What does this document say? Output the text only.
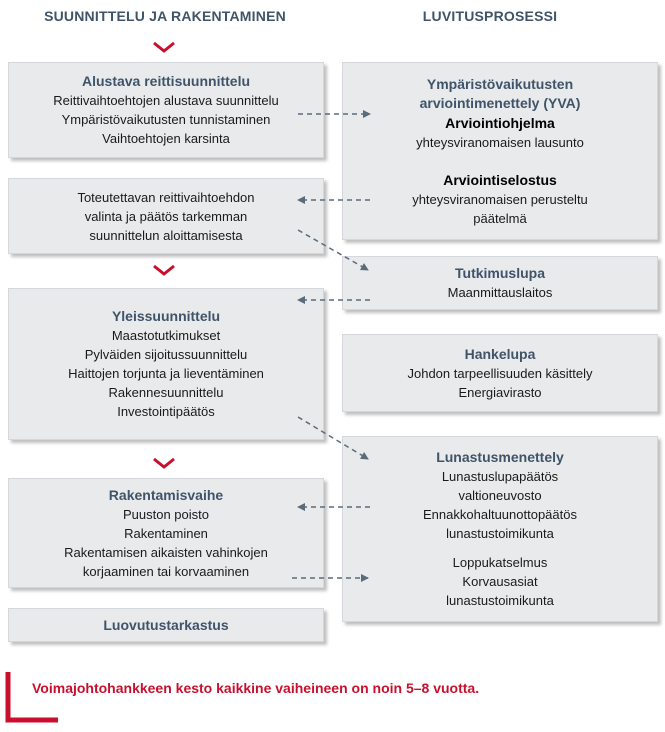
SUUNNITTELU JA RAKENTAMINEN	LUVITUSPROSESSI
Alustava reittisuunnittelu
Reittivaihtoehtojen alustava suunnittelu
Ympäristövaikutusten tunnistaminen
Vaihtoehtojen karsinta
Toteutettavan reittivaihtoehdon
valinta ja päätös tarkemman
suunnittelun aloittamisesta
Yleissuunnittelu
Maastotutkimukset
Pylväiden sijoitussuunnittelu
Haittojen torjunta ja lieventäminen
Rakennesuunnittelu
Investointipäätös
Rakentamisvaihe
Puuston poisto
Rakentaminen
Rakentamisen aikaisten vahinkojen
korjaaminen tai korvaaminen
Luovutustarkastus
Ympäristövaikutusten
arviointimenettely (YVA)
Arviointiohjelma
yhteysviranomaisen lausunto
Arviointiselostus
yhteysviranomaisen perusteltu
päätelmä
Tutkimuslupa
Maanmittauslaitos
Hankelupa
Johdon tarpeellisuuden käsittely
Energiavirasto
Lunastusmenettely
Lunastuslupapäätös
valtioneuvosto
Ennakkohaltuunottopäätös
lunastustoimikunta
Loppukatselmus
Korvausasiat
lunastustoimikunta
Voimajohtohankkeen kesto kaikkine vaiheineen on noin 5–8 vuotta.
